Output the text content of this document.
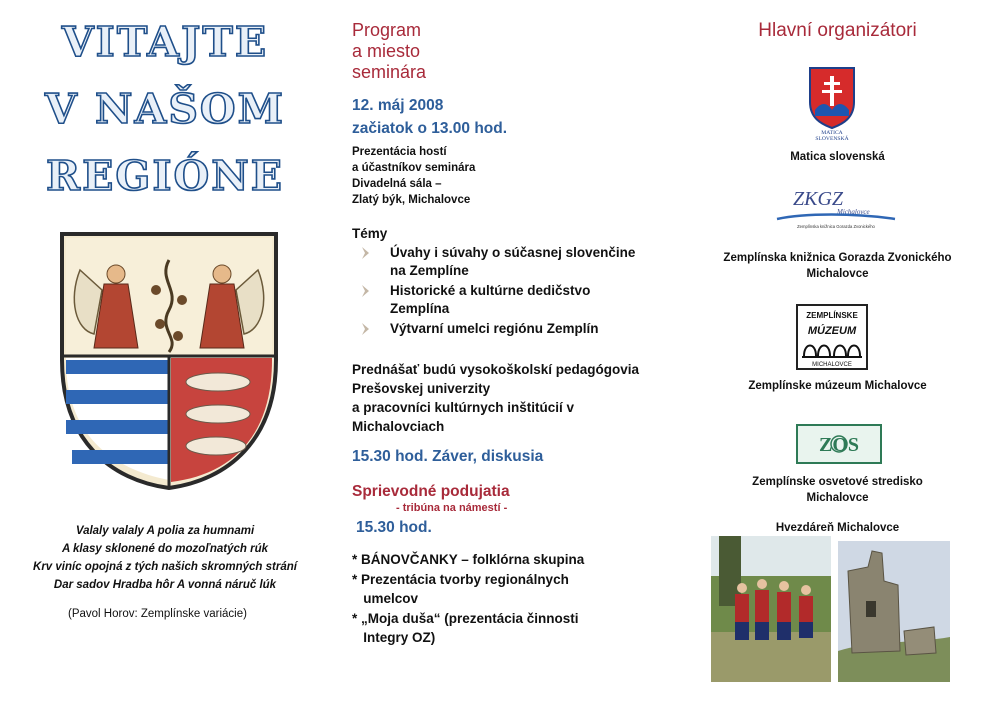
VITAJTE
V NAŠOM
REGIÓNE
Valaly valaly A polia za humnami
A klasy sklonené do mozoľnatých rúk
Krv viníc opojná z tých našich skromných strání
Dar sadov Hradba hôr A vonná náruč lúk
(Pavol Horov: Zemplínske variácie)
Program
a miesto
seminára
12. máj 2008
začiatok o 13.00 hod.
Prezentácia hostí
a účastníkov seminára
Divadelná sála –
Zlatý býk, Michalovce
Témy
Úvahy i súvahy o súčasnej slovenčine
na Zemplíne
Historické a kultúrne dedičstvo
Zemplína
Výtvarní umelci regiónu Zemplín
Prednášať budú vysokoškolskí pedagógovia
Prešovskej univerzity
a pracovníci kultúrnych inštitúcií v
Michalovciach
15.30 hod. Záver, diskusia
Sprievodné podujatia
- tribúna na námestí -
15.30 hod.
* BÁNOVČANKY – folklórna skupina
* Prezentácia tvorby regionálnych
umelcov
* „Moja duša“ (prezentácia činnosti
Integry OZ)
Hlavní organizátori
MATICA
SLOVENSKÁ
Matica slovenská
ZKGZ
Michalovce
Zemplínska knižnica Gorazda Zvonického
Zemplínska knižnica Gorazda Zvonického
Michalovce
ZEMPLÍNSKE
MÚZEUM
MICHALOVCE
Zemplínske múzeum Michalovce
ZOS
Zemplínske osvetové stredisko
Michalovce
Hvezdáreň Michalovce
